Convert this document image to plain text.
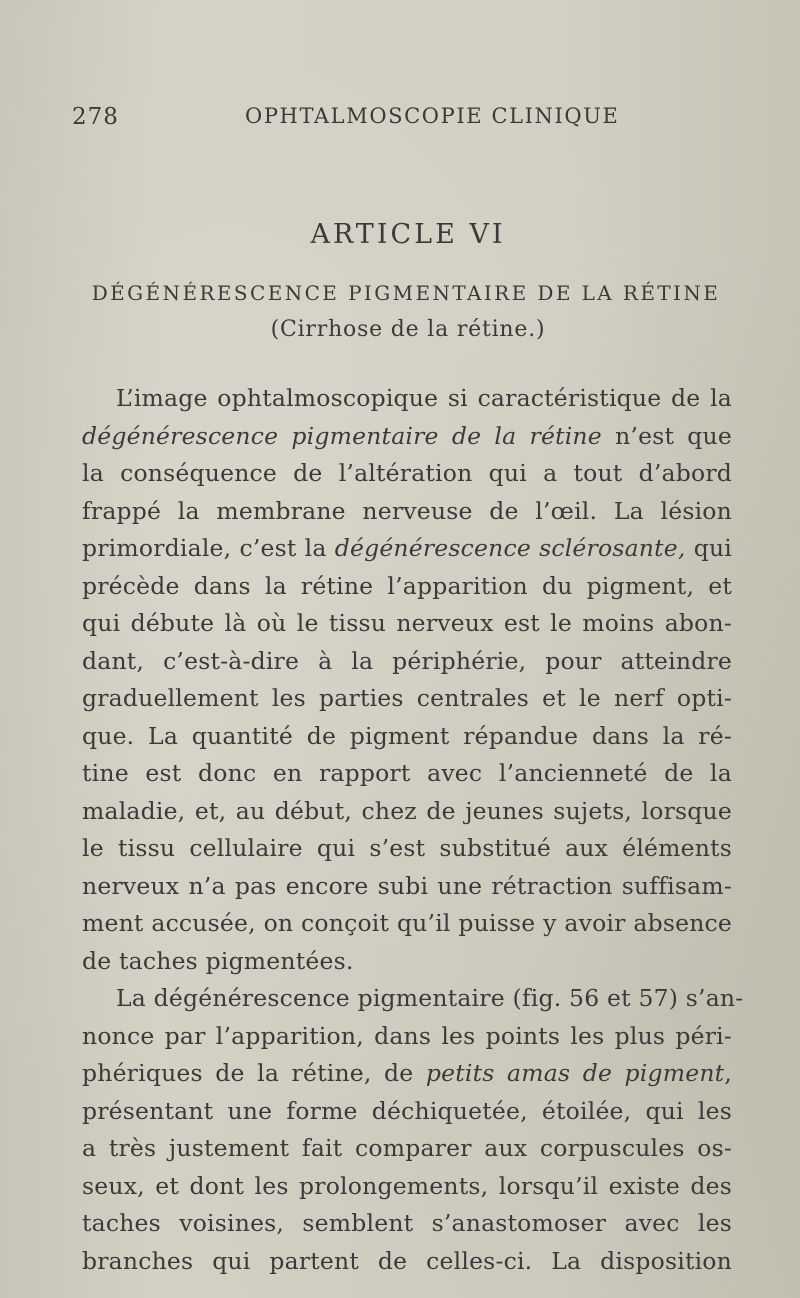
278	OPHTALMOSCOPIE CLINIQUE
ARTICLE VI
DÉGÉNÉRESCENCE PIGMENTAIRE DE LA RÉTINE
(Cirrhose de la rétine.)
L’image ophtalmoscopique si caractéristique de la
dégénérescence pigmentaire de la rétine n’est que
la conséquence de l’altération qui a tout d’abord
frappé la membrane nerveuse de l’œil. La lésion
primordiale, c’est la dégénérescence sclérosante, qui
précède dans la rétine l’apparition du pigment, et
qui débute là où le tissu nerveux est le moins abon-
dant, c’est-à-dire à la périphérie, pour atteindre
graduellement les parties centrales et le nerf opti-
que. La quantité de pigment répandue dans la ré-
tine est donc en rapport avec l’ancienneté de la
maladie, et, au début, chez de jeunes sujets, lorsque
le tissu cellulaire qui s’est substitué aux éléments
nerveux n’a pas encore subi une rétraction suffisam-
ment accusée, on conçoit qu’il puisse y avoir absence
de taches pigmentées.
La dégénérescence pigmentaire (fig. 56 et 57) s’an-
nonce par l’apparition, dans les points les plus péri-
phériques de la rétine, de petits amas de pigment,
présentant une forme déchiquetée, étoilée, qui les
a très justement fait comparer aux corpuscules os-
seux, et dont les prolongements, lorsqu’il existe des
taches voisines, semblent s’anastomoser avec les
branches qui partent de celles-ci. La disposition
